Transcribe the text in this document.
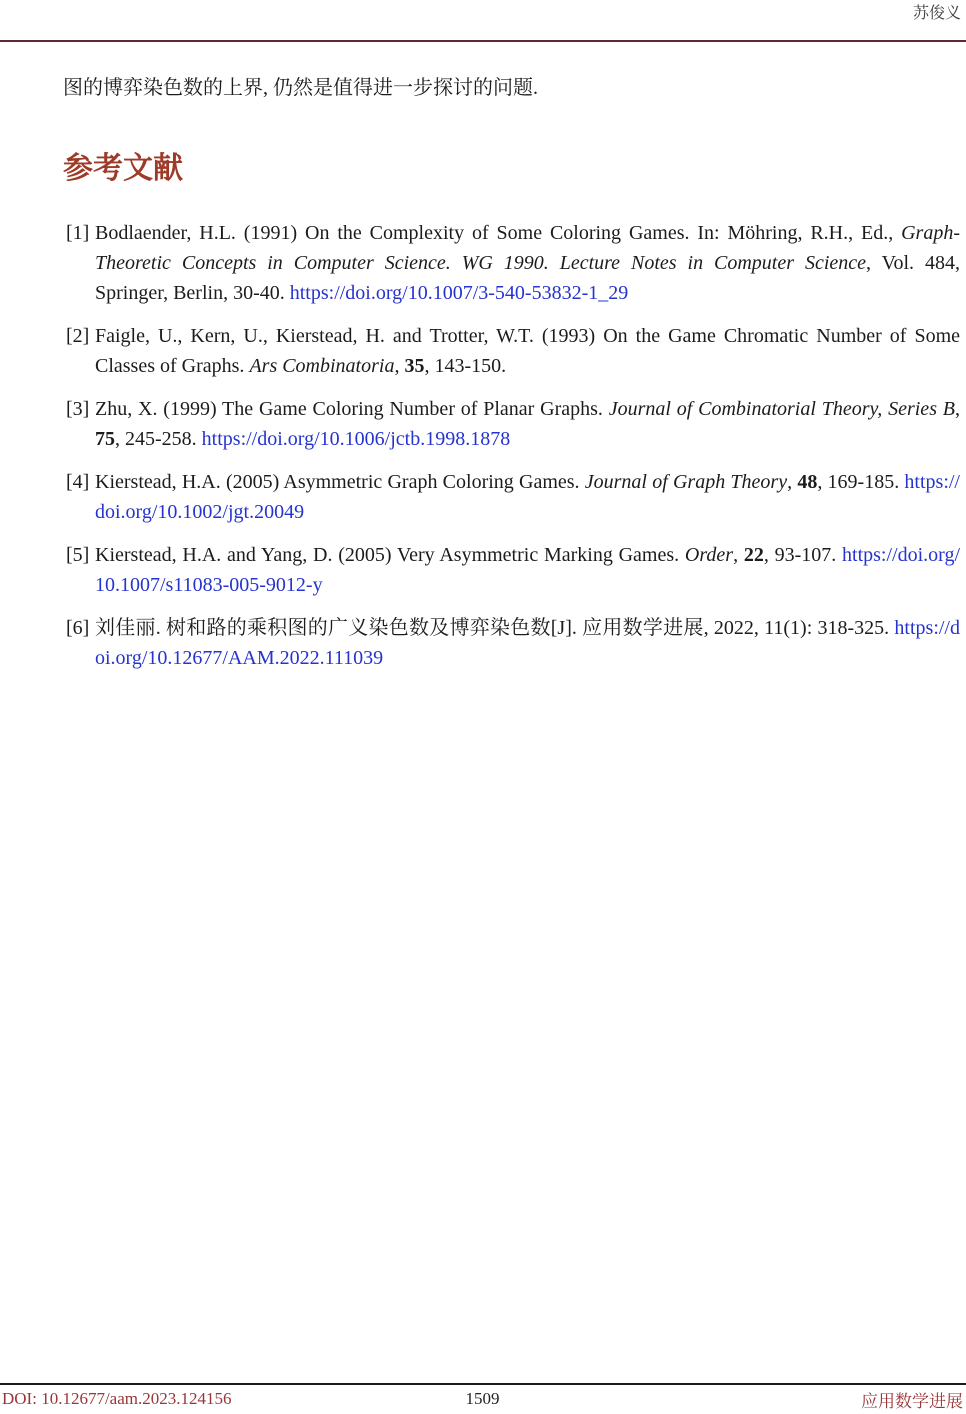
苏俊义

图的博弈染色数的上界, 仍然是值得进一步探讨的问题.

参考文献
[1] Bodlaender, H.L. (1991) On the Complexity of Some Coloring Games. In: Möhring, R.H., Ed., Graph-Theoretic Concepts in Computer Science. WG 1990. Lecture Notes in Computer Science, Vol. 484, Springer, Berlin, 30-40. https://doi.org/10.1007/3-540-53832-1_29
[2] Faigle, U., Kern, U., Kierstead, H. and Trotter, W.T. (1993) On the Game Chromatic Number of Some Classes of Graphs. Ars Combinatoria, 35, 143-150.
[3] Zhu, X. (1999) The Game Coloring Number of Planar Graphs. Journal of Combinatorial Theory, Series B, 75, 245-258. https://doi.org/10.1006/jctb.1998.1878
[4] Kierstead, H.A. (2005) Asymmetric Graph Coloring Games. Journal of Graph Theory, 48, 169-185. https://doi.org/10.1002/jgt.20049
[5] Kierstead, H.A. and Yang, D. (2005) Very Asymmetric Marking Games. Order, 22, 93-107. https://doi.org/10.1007/s11083-005-9012-y
[6] 刘佳丽. 树和路的乘积图的广义染色数及博弈染色数[J]. 应用数学进展, 2022, 11(1): 318-325. https://doi.org/10.12677/AAM.2022.111039
DOI: 10.12677/aam.2023.124156	1509	应用数学进展
